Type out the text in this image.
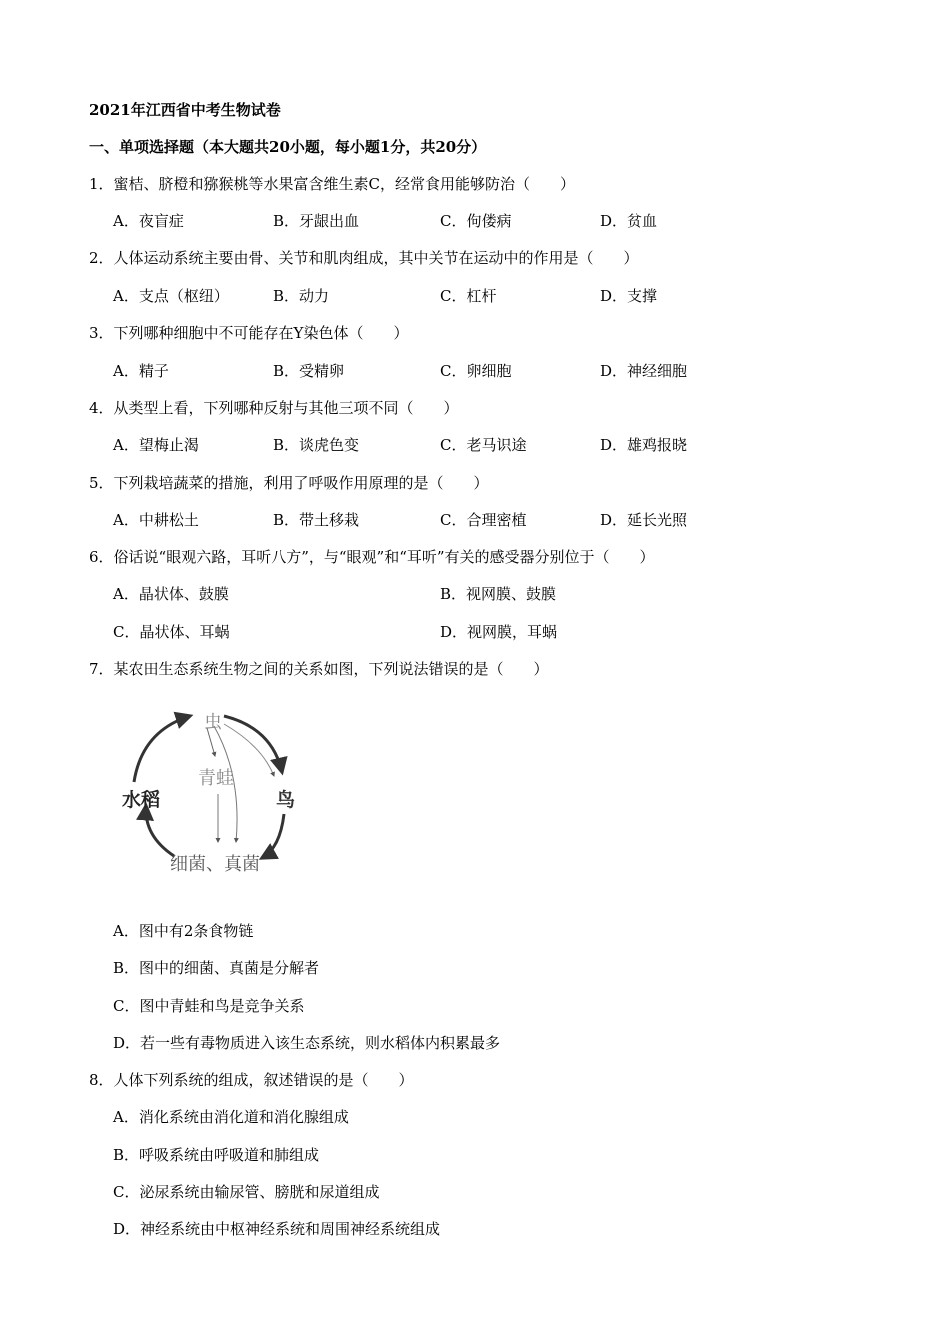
2021年江西省中考生物试卷
一、单项选择题（本大题共20小题，每小题1分，共20分）
1．蜜桔、脐橙和猕猴桃等水果富含维生素C，经常食用能够防治（　　）
A．夜盲症	B．牙龈出血	C．佝偻病	D．贫血
2．人体运动系统主要由骨、关节和肌肉组成，其中关节在运动中的作用是（　　）
A．支点（枢纽）	B．动力	C．杠杆	D．支撑
3．下列哪种细胞中不可能存在Y染色体（　　）
A．精子	B．受精卵	C．卵细胞	D．神经细胞
4．从类型上看，下列哪种反射与其他三项不同（　　）
A．望梅止渴	B．谈虎色变	C．老马识途	D．雄鸡报晓
5．下列栽培蔬菜的措施，利用了呼吸作用原理的是（　　）
A．中耕松土	B．带土移栽	C．合理密植	D．延长光照
6．俗话说“眼观六路，耳听八方”，与“眼观”和“耳听”有关的感受器分别位于（　　）
A．晶状体、鼓膜	B．视网膜、鼓膜
C．晶状体、耳蜗	D．视网膜，耳蜗
7．某农田生态系统生物之间的关系如图，下列说法错误的是（　　）
虫
水稻
青蛙
鸟
细菌、真菌
A．图中有2条食物链
B．图中的细菌、真菌是分解者
C．图中青蛙和鸟是竞争关系
D．若一些有毒物质进入该生态系统，则水稻体内积累最多
8．人体下列系统的组成，叙述错误的是（　　）
A．消化系统由消化道和消化腺组成
B．呼吸系统由呼吸道和肺组成
C．泌尿系统由输尿管、膀胱和尿道组成
D．神经系统由中枢神经系统和周围神经系统组成
